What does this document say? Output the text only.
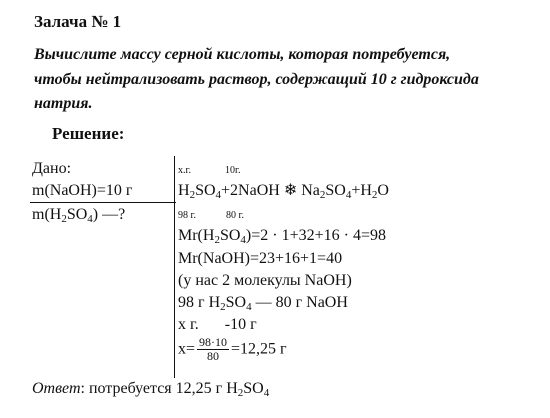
Залача № 1
Вычислите массу серной кислоты, которая потребуется,
чтобы нейтрализовать раствор, содержащий 10 г гидроксида
натрия.
Решение:
Дано:
m(NaOH)=10 г
$m(H_2SO_4)$ —?
x.г.	10г.
$H_2SO_4+2NaOH$ ❄ $Na_2SO_4+H_2O$
98 г.	80 г.
$Mr(H_2SO_4)=2 \cdot 1+32+16 \cdot 4=98$
Mr(NaOH)=23+16+1=40
(у нас 2 молекулы NaOH)
98 г $H_2SO_4$ — 80 г NaOH
x г. -10 г
$x= \frac{98\cdot 10}{80} =12,25$ г
Ответ: потребуется 12,25 г $H_2SO_4$
